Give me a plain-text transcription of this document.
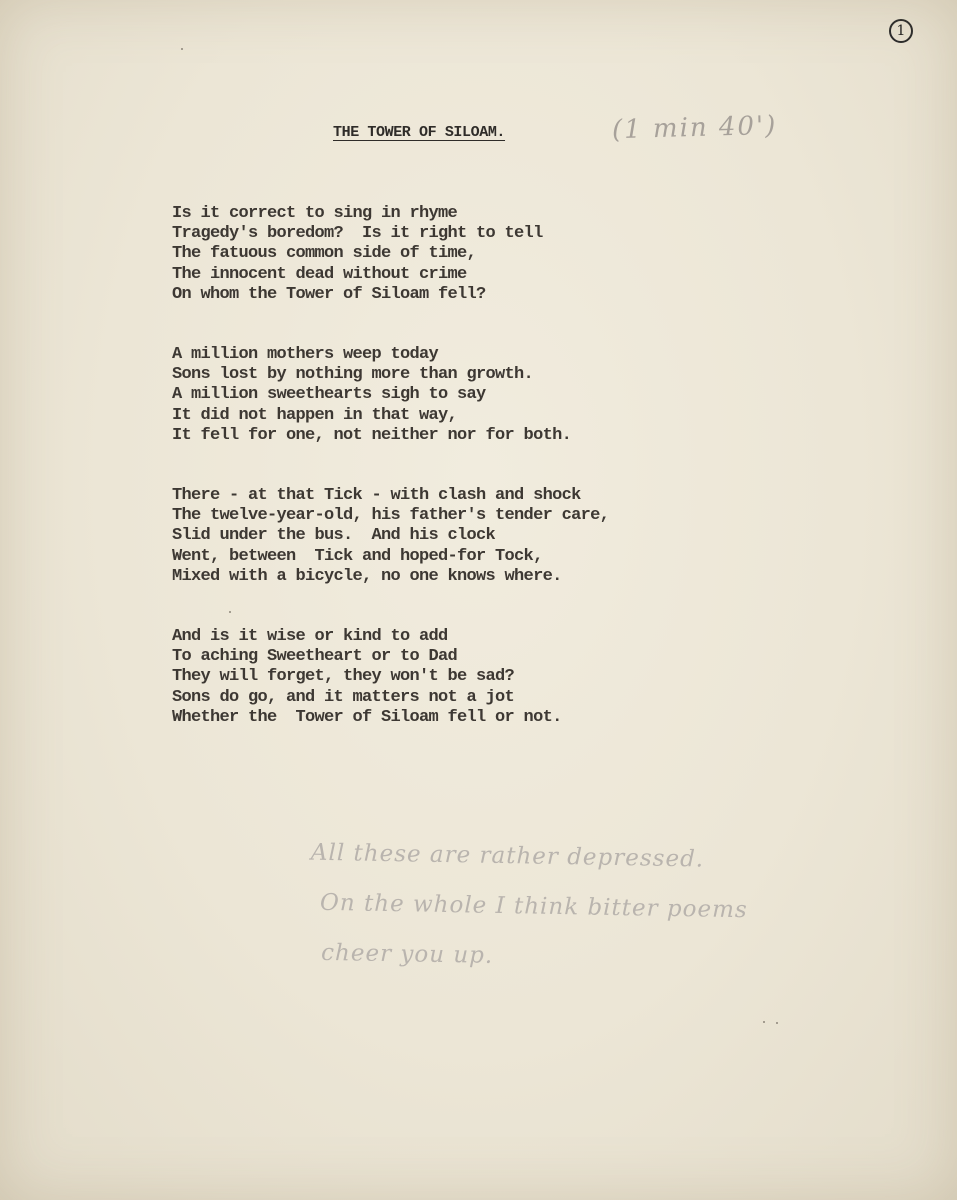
1
THE TOWER OF SILOAM.	(1 min 40')
Is it correct to sing in rhyme
Tragedy's boredom?  Is it right to tell
The fatuous common side of time,
The innocent dead without crime
On whom the Tower of Siloam fell?
A million mothers weep today
Sons lost by nothing more than growth.
A million sweethearts sigh to say
It did not happen in that way,
It fell for one, not neither nor for both.
There - at that Tick - with clash and shock
The twelve-year-old, his father's tender care,
Slid under the bus.  And his clock
Went, between  Tick and hoped-for Tock,
Mixed with a bicycle, no one knows where.
And is it wise or kind to add
To aching Sweetheart or to Dad
They will forget, they won't be sad?
Sons do go, and it matters not a jot
Whether the  Tower of Siloam fell or not.
All these are rather depressed.
On the whole I think bitter poems
cheer you up.
